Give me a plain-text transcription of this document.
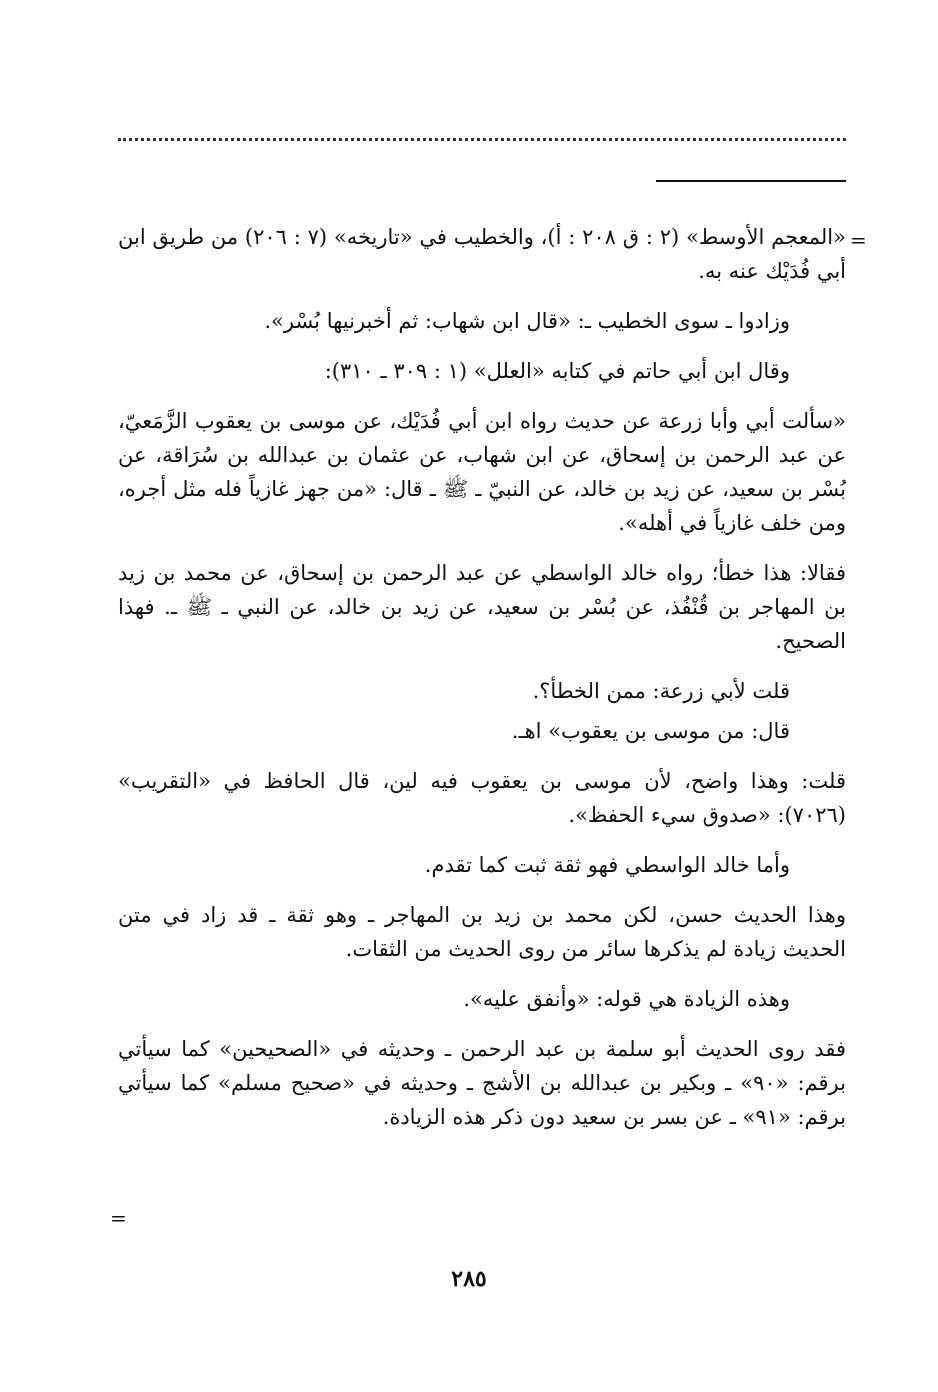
=

«المعجم الأوسط» (٢ : ق ٢٠٨ : أ)، والخطيب في «تاريخه» (٧ : ٢٠٦) من طريق ابن أبي فُدَيْك عنه به.

وزادوا ـ سوى الخطيب ـ: «قال ابن شهاب: ثم أخبرنيها بُسْر».

وقال ابن أبي حاتم في كتابه «العلل» (١ : ٣٠٩ ـ ٣١٠):

«سألت أبي وأبا زرعة عن حديث رواه ابن أبي فُدَيْك، عن موسى بن يعقوب الزَّمَعيّ، عن عبد الرحمن بن إسحاق، عن ابن شهاب، عن عثمان بن عبدالله بن سُرَاقة، عن بُسْر بن سعيد، عن زيد بن خالد، عن النبيّ ـ ﷺ ـ قال: «من جهز غازياً فله مثل أجره، ومن خلف غازياً في أهله».

فقالا: هذا خطأ؛ رواه خالد الواسطي عن عبد الرحمن بن إسحاق، عن محمد بن زيد بن المهاجر بن قُنْفُذ، عن بُسْر بن سعيد، عن زيد بن خالد، عن النبي ـ ﷺ ـ. فهذا الصحيح.

قلت لأبي زرعة: ممن الخطأ؟.

قال: من موسى بن يعقوب» اهـ.

قلت: وهذا واضح، لأن موسى بن يعقوب فيه لين، قال الحافظ في «التقريب» (٧٠٢٦): «صدوق سيء الحفظ».

وأما خالد الواسطي فهو ثقة ثبت كما تقدم.

وهذا الحديث حسن، لكن محمد بن زيد بن المهاجر ـ وهو ثقة ـ قد زاد في متن الحديث زيادة لم يذكرها سائر من روى الحديث من الثقات.

وهذه الزيادة هي قوله: «وأنفق عليه».

فقد روى الحديث أبو سلمة بن عبد الرحمن ـ وحديثه في «الصحيحين» كما سيأتي برقم: «٩٠» ـ وبكير بن عبدالله بن الأشج ـ وحديثه في «صحيح مسلم» كما سيأتي برقم: «٩١» ـ عن بسر بن سعيد دون ذكر هذه الزيادة.

=
٢٨٥
